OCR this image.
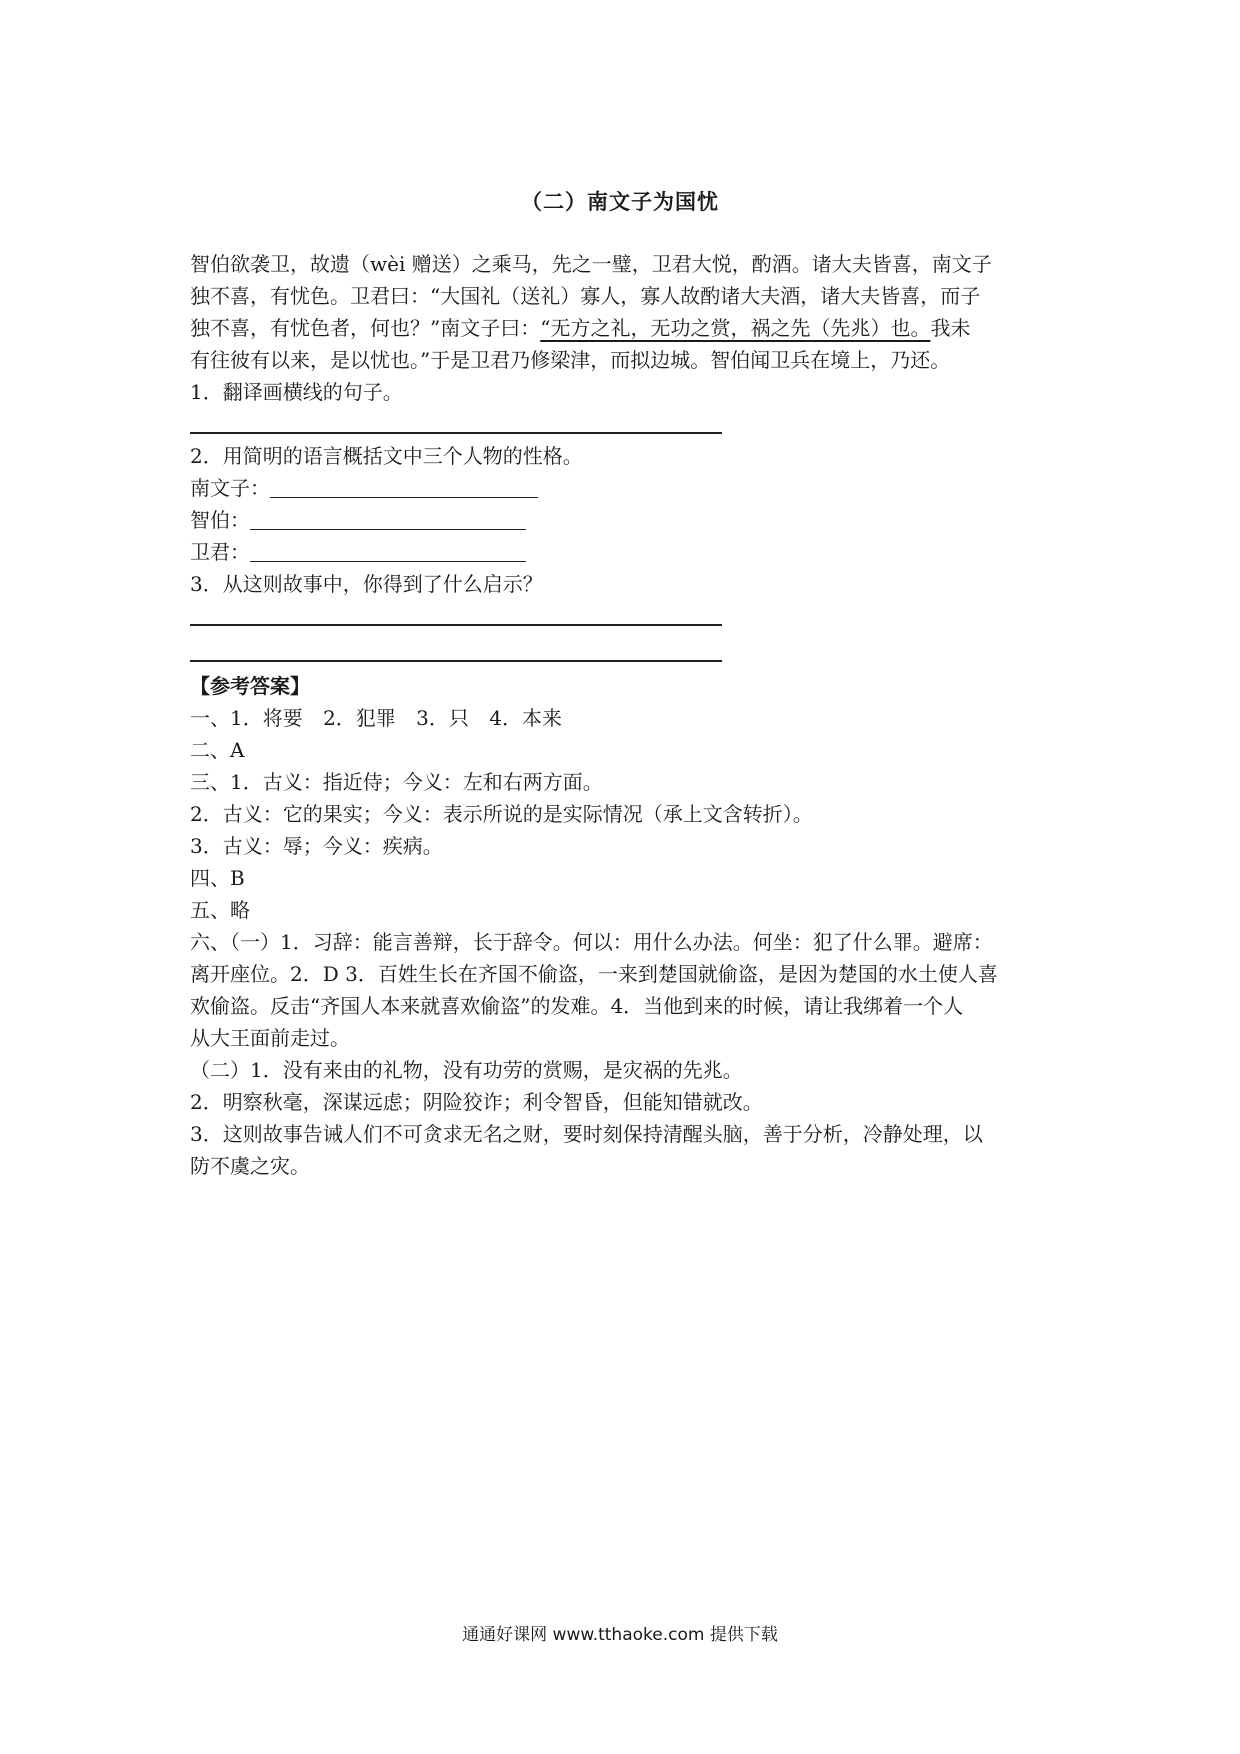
（二）南文子为国忧
智伯欲袭卫，故遗（wèi 赠送）之乘马，先之一璧，卫君大悦，酌酒。诸大夫皆喜，南文子
独不喜，有忧色。卫君曰：“大国礼（送礼）寡人，寡人故酌诸大夫酒，诸大夫皆喜，而子
独不喜，有忧色者，何也？”南文子曰：“无方之礼，无功之赏，祸之先（先兆）也。我未
有往彼有以来，是以忧也。”于是卫君乃修梁津，而拟边城。智伯闻卫兵在境上，乃还。
1．翻译画横线的句子。
2．用简明的语言概括文中三个人物的性格。
南文子：
智伯：
卫君：
3．从这则故事中，你得到了什么启示？
【参考答案】
一、1．将要 2．犯罪 3．只 4．本来
二、A
三、1．古义：指近侍；今义：左和右两方面。
2．古义：它的果实；今义：表示所说的是实际情况（承上文含转折）。
3．古义：辱；今义：疾病。
四、B
五、略
六、（一）1．习辞：能言善辩，长于辞令。何以：用什么办法。何坐：犯了什么罪。避席：
离开座位。2．D 3．百姓生长在齐国不偷盗，一来到楚国就偷盗，是因为楚国的水土使人喜
欢偷盗。反击“齐国人本来就喜欢偷盗”的发难。4．当他到来的时候，请让我绑着一个人
从大王面前走过。
（二）1．没有来由的礼物，没有功劳的赏赐，是灾祸的先兆。
2．明察秋毫，深谋远虑；阴险狡诈；利令智昏，但能知错就改。
3．这则故事告诫人们不可贪求无名之财，要时刻保持清醒头脑，善于分析，冷静处理，以
防不虞之灾。
通通好课网 www.tthaoke.com 提供下载
